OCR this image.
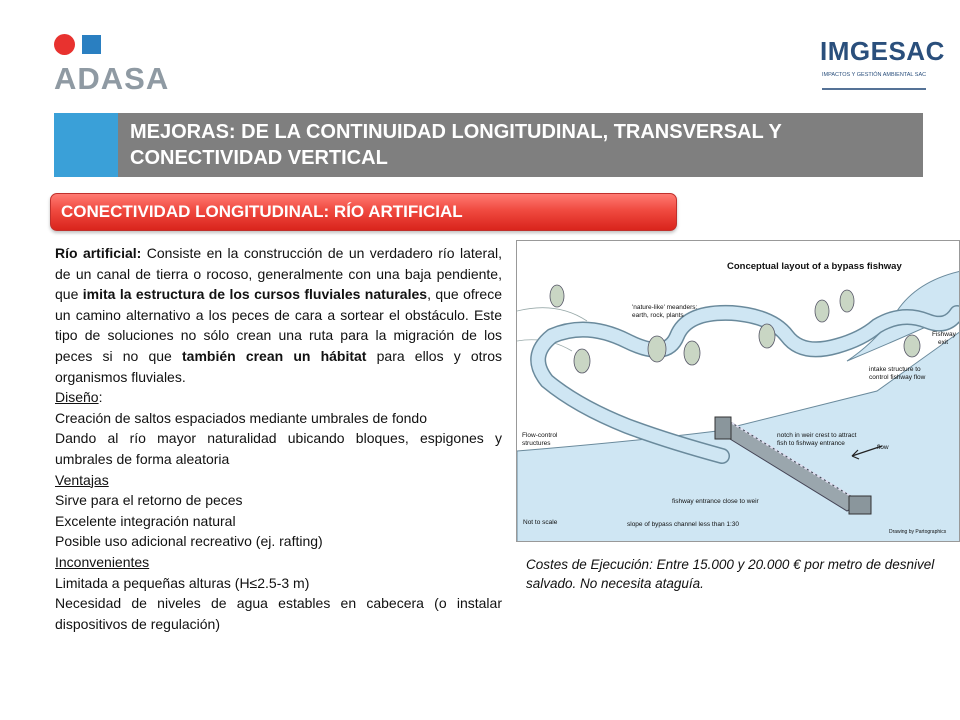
ADASA
IMGESAC
IMPACTOS Y GESTIÓN AMBIENTAL SAC
MEJORAS: DE LA CONTINUIDAD LONGITUDINAL, TRANSVERSAL Y CONECTIVIDAD VERTICAL
CONECTIVIDAD LONGITUDINAL: RÍO ARTIFICIAL

Río artificial: Consiste en la construcción de un verdadero río lateral, de un canal de tierra o rocoso, generalmente con una baja pendiente, que imita la estructura de los cursos fluviales naturales, que ofrece un camino alternativo a los peces de cara a sortear el obstáculo. Este tipo de soluciones no sólo crean una ruta para la migración de los peces si no que también crean un hábitat para ellos y otros organismos fluviales.

Diseño:

Creación de saltos espaciados mediante umbrales de fondo

Dando al río mayor naturalidad ubicando bloques, espigones y umbrales de forma aleatoria

Ventajas

Sirve para el retorno de peces

Excelente integración natural

Posible uso adicional recreativo (ej. rafting)

Inconvenientes

Limitada a pequeñas alturas (H≤2.5-3 m)

Necesidad de niveles de agua estables en cabecera (o instalar dispositivos de regulación)

Conceptual layout of a bypass fishway
'nature-like' meanders:
earth, rock, plants
Fishway
exit
intake structure to
control fishway flow
Flow-control
structures
notch in weir crest to attract
fish to fishway entrance
flow
fishway entrance close to weir
slope of bypass channel less than 1:30
Not to scale
Drawing by Partographics
Costes de Ejecución: Entre 15.000 y 20.000 € por metro de desnivel salvado. No necesita ataguía.
